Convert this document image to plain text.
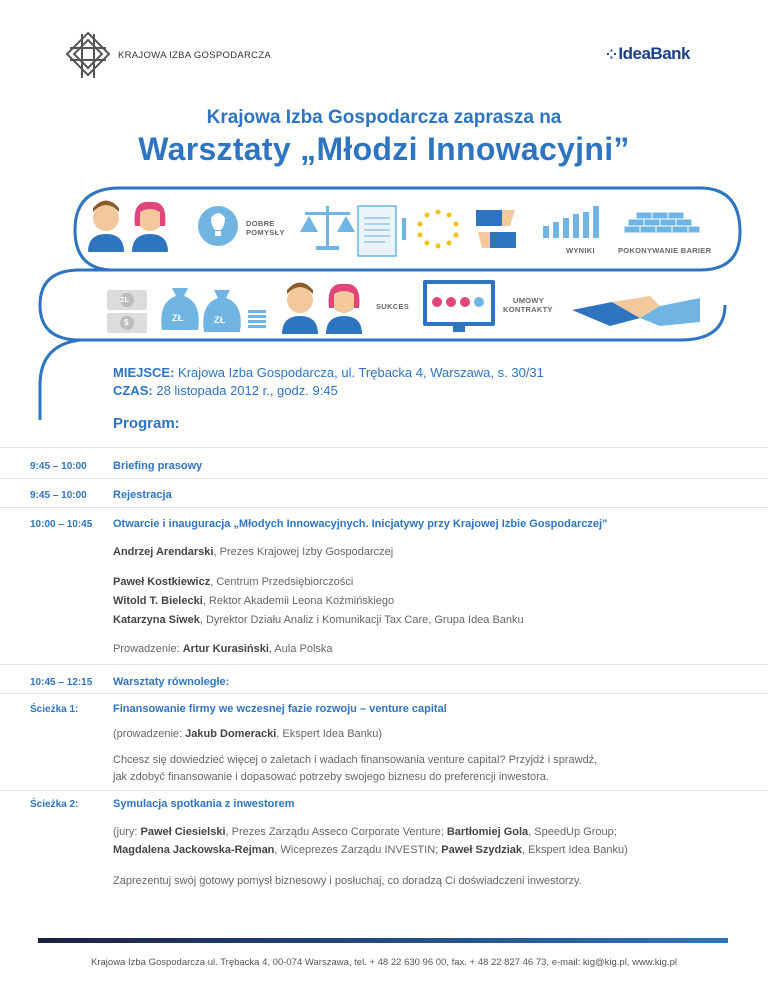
KRAJOWA IZBA GOSPODARCZA	⁘ IdeaBank
Krajowa Izba Gospodarcza zaprasza na
Warsztaty „Młodzi Innowacyjni”
DOBRE
POMYSŁY
WYNIKI	POKONYWANIE BARIER
SUKCES
UMOWY
KONTRAKTY
ZŁ
$	ZŁ	ZŁ
MIEJSCE: Krajowa Izba Gospodarcza, ul. Trębacka 4, Warszawa, s. 30/31
CZAS: 28 listopada 2012 r., godz. 9:45
Program:
9:45 – 10:00 Briefing prasowy
9:45 – 10:00 Rejestracja
10:00 – 10:45 Otwarcie i inauguracja „Młodych Innowacyjnych. Inicjatywy przy Krajowej Izbie Gospodarczej”
Andrzej Arendarski, Prezes Krajowej Izby Gospodarczej
Paweł Kostkiewicz, Centrum Przedsiębiorczości
Witold T. Bielecki, Rektor Akademii Leona Koźmińskiego
Katarzyna Siwek, Dyrektor Działu Analiz i Komunikacji Tax Care, Grupa Idea Banku
Prowadzenie: Artur Kurasiński, Aula Polska
10:45 – 12:15 Warsztaty równoległe:
Ścieżka 1:	Finansowanie firmy we wczesnej fazie rozwoju – venture capital
(prowadzenie: Jakub Domeracki, Ekspert Idea Banku)
Chcesz się dowiedzieć więcej o zaletach i wadach finansowania venture capital? Przyjdź i sprawdź,
jak zdobyć finansowanie i dopasować potrzeby swojego biznesu do preferencji inwestora.
Ścieżka 2:	Symulacja spotkania z inwestorem
(jury: Paweł Ciesielski, Prezes Zarządu Asseco Corporate Venture; Bartłomiej Gola, SpeedUp Group;
Magdalena Jackowska-Rejman, Wiceprezes Zarządu INVESTIN; Paweł Szydziak, Ekspert Idea Banku)
Zaprezentuj swój gotowy pomysł biznesowy i posłuchaj, co doradzą Ci doświadczeni inwestorzy.
Krajowa Izba Gospodarcza ul. Trębacka 4, 00-074 Warszawa, tel. + 48 22 630 96 00, fax. + 48 22 827 46 73, e-mail: kig@kig.pl, www.kig.pl
